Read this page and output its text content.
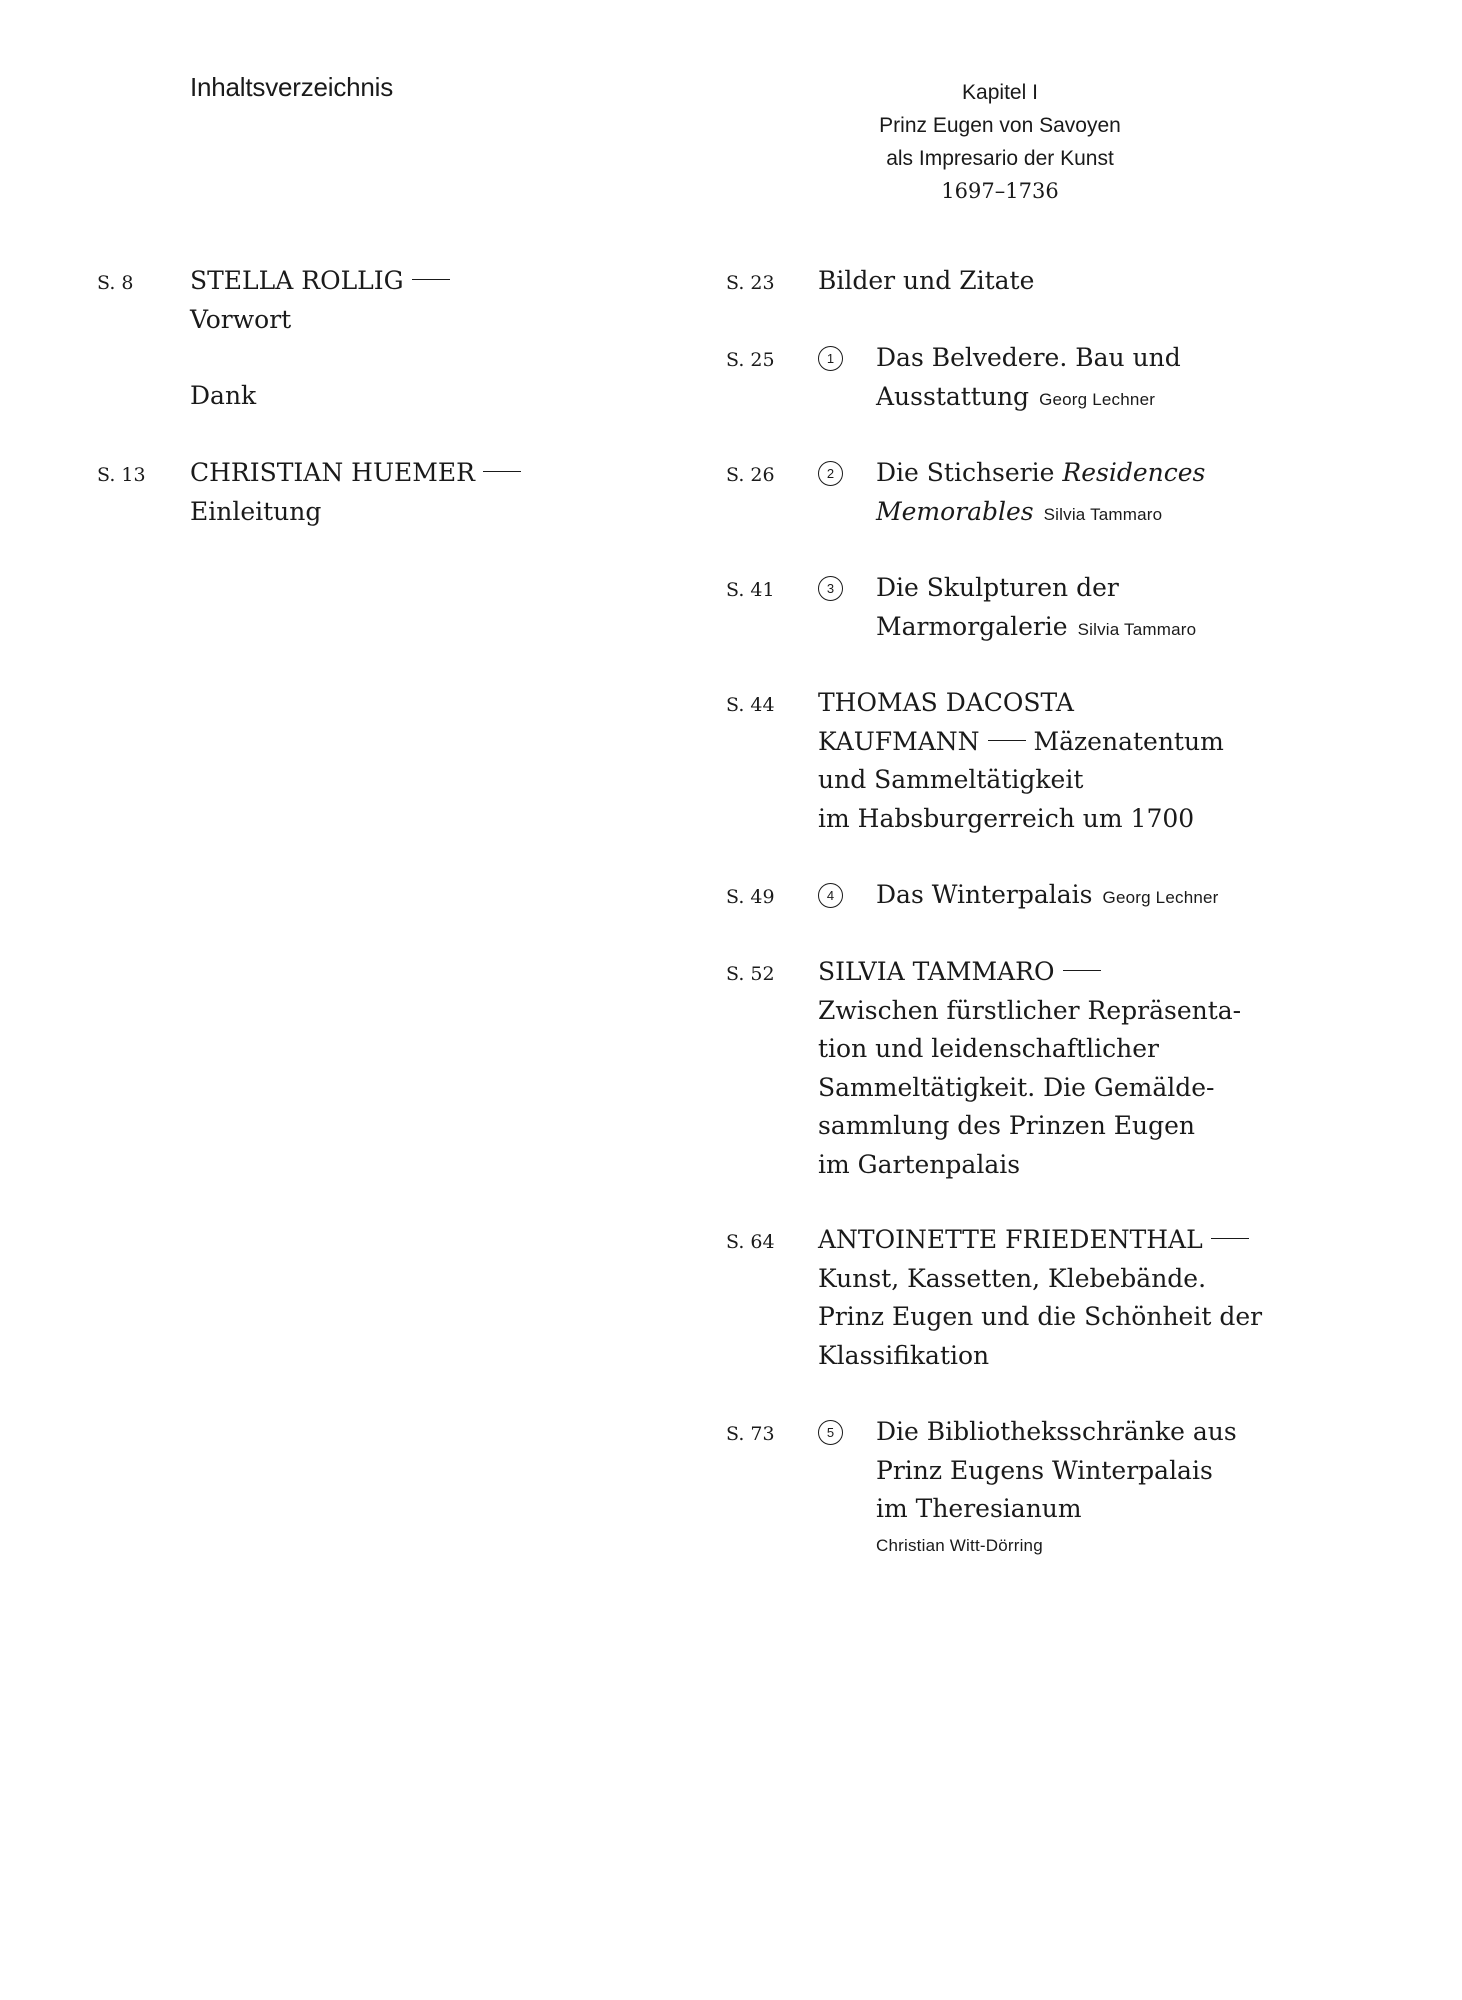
Inhaltsverzeichnis	Kapitel I
Prinz Eugen von Savoyen
als Impresario der Kunst
1697–1736
S. 8 STELLA ROLLIG
Vorwort
Dank
S. 13 CHRISTIAN HUEMER
Einleitung
S. 23 Bilder und Zitate
S. 25	1	Das Belvedere. Bau und
Ausstattung Georg Lechner
S. 26	2	Die Stichserie Residences
Memorables Silvia Tammaro
S. 41	3	Die Skulpturen der
Marmorgalerie Silvia Tammaro
S. 44 THOMAS DACOSTA
KAUFMANN Mäzenatentum
und Sammeltätigkeit
im Habsburgerreich um 1700
S. 49	4	Das Winterpalais Georg Lechner
S. 52 SILVIA TAMMARO
Zwischen fürstlicher Repräsenta-
tion und leidenschaftlicher
Sammeltätigkeit. Die Gemälde-
sammlung des Prinzen Eugen
im Gartenpalais
S. 64 ANTOINETTE FRIEDENTHAL
Kunst, Kassetten, Klebebände.
Prinz Eugen und die Schönheit der
Klassifikation
S. 73	5	Die Bibliotheksschränke aus
Prinz Eugens Winterpalais
im Theresianum
Christian Witt-Dörring
